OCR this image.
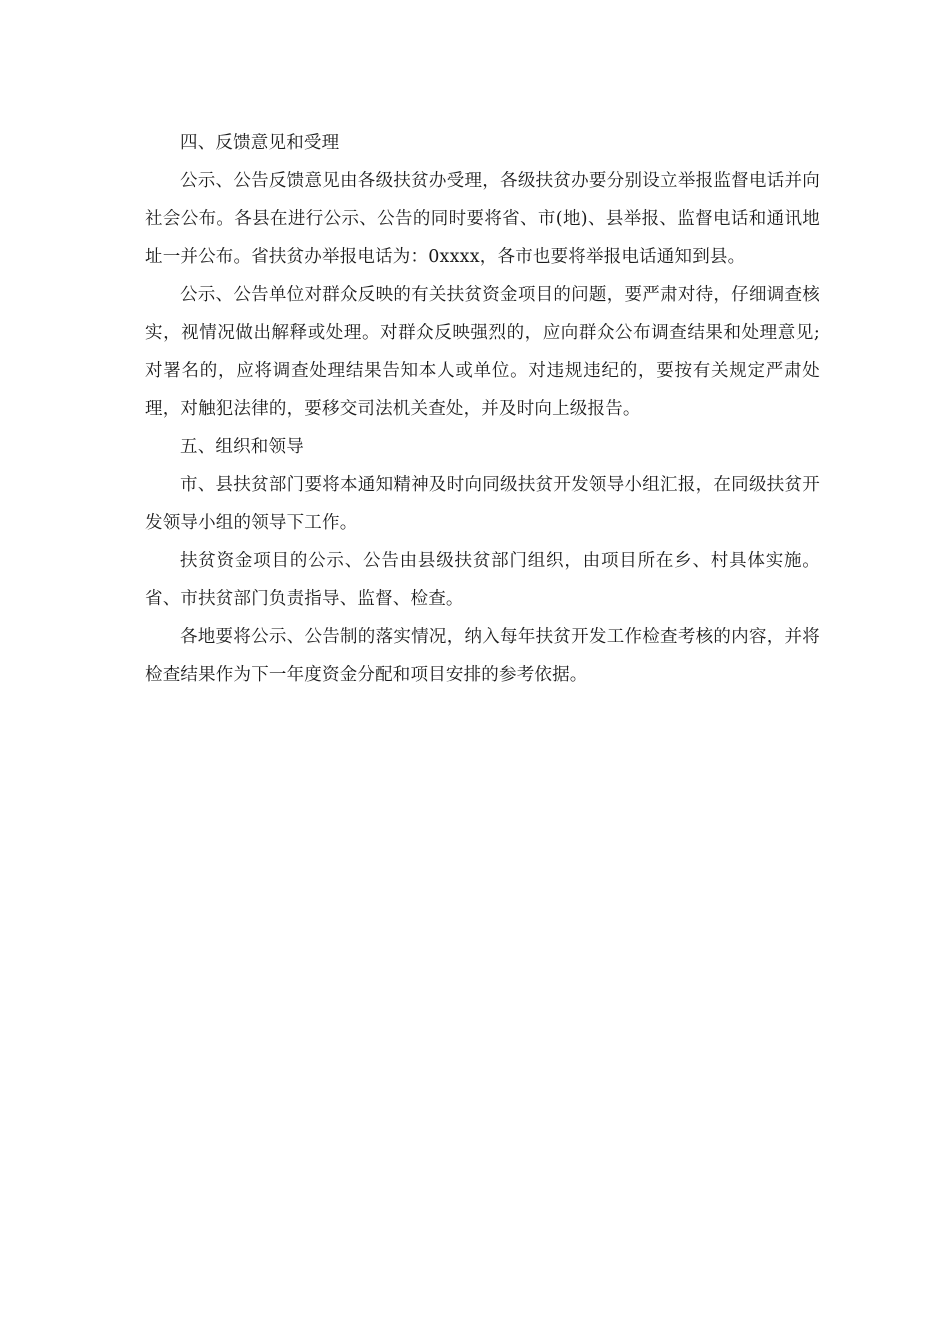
四、反馈意见和受理

公示、公告反馈意见由各级扶贫办受理，各级扶贫办要分别设立举报监督电话并向社会公布。各县在进行公示、公告的同时要将省、市(地)、县举报、监督电话和通讯地址一并公布。省扶贫办举报电话为：0xxxx，各市也要将举报电话通知到县。

公示、公告单位对群众反映的有关扶贫资金项目的问题，要严肃对待，仔细调查核实，视情况做出解释或处理。对群众反映强烈的，应向群众公布调查结果和处理意见;对署名的，应将调查处理结果告知本人或单位。对违规违纪的，要按有关规定严肃处理，对触犯法律的，要移交司法机关查处，并及时向上级报告。

五、组织和领导

市、县扶贫部门要将本通知精神及时向同级扶贫开发领导小组汇报，在同级扶贫开发领导小组的领导下工作。

扶贫资金项目的公示、公告由县级扶贫部门组织，由项目所在乡、村具体实施。省、市扶贫部门负责指导、监督、检查。

各地要将公示、公告制的落实情况，纳入每年扶贫开发工作检查考核的内容，并将检查结果作为下一年度资金分配和项目安排的参考依据。
